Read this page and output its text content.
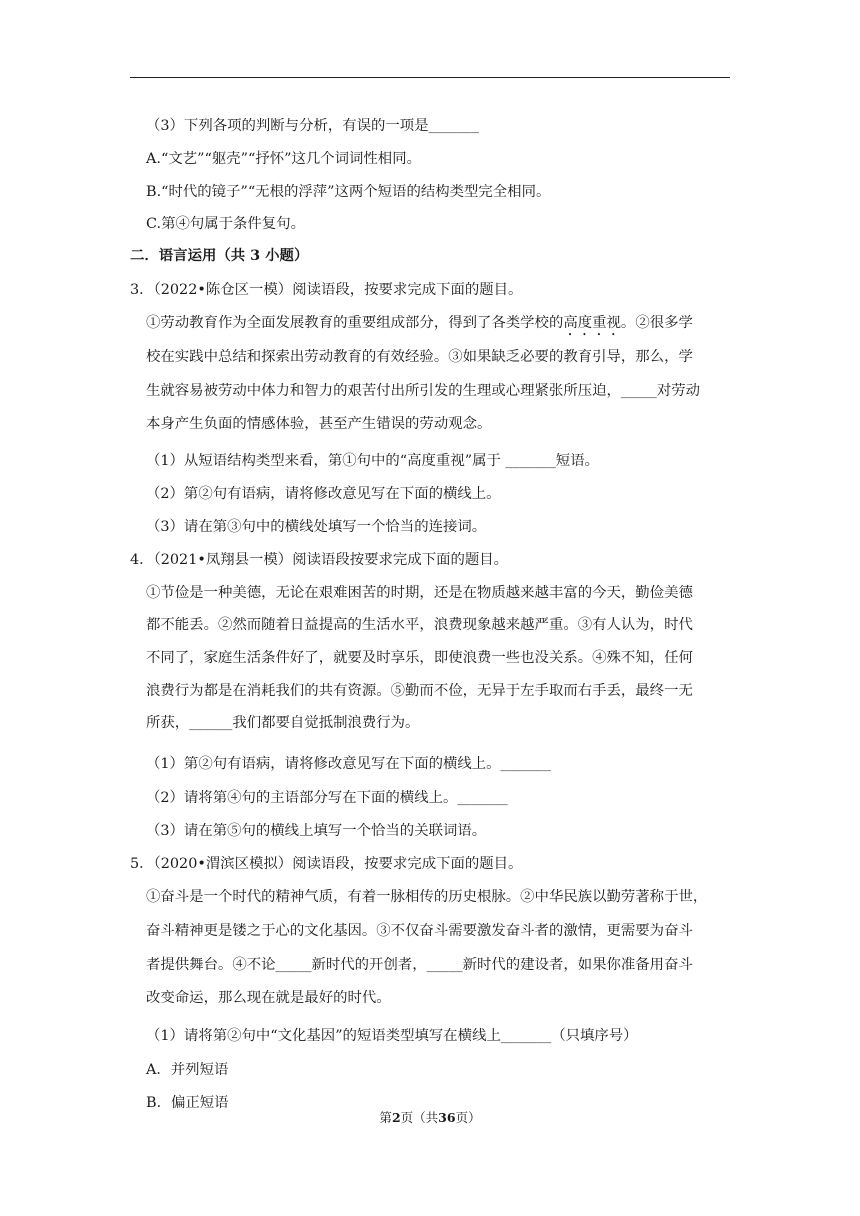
（3）下列各项的判断与分析，有误的一项是_______
A.“文艺”“躯壳”“抒怀”这几个词词性相同。
B.“时代的镜子”“无根的浮萍”这两个短语的结构类型完全相同。
C.第④句属于条件复句。
二．语言运用（共 3 小题）
3．（2022•陈仓区一模）阅读语段，按要求完成下面的题目。
①劳动教育作为全面发展教育的重要组成部分，得到了各类学校的高度重视。②很多学
校在实践中总结和探索出劳动教育的有效经验。③如果缺乏必要的教育引导，那么，学
生就容易被劳动中体力和智力的艰苦付出所引发的生理或心理紧张所压迫，_____对劳动
本身产生负面的情感体验，甚至产生错误的劳动观念。
（1）从短语结构类型来看，第①句中的“高度重视”属于 _______短语。
（2）第②句有语病，请将修改意见写在下面的横线上。
（3）请在第③句中的横线处填写一个恰当的连接词。
4．（2021•凤翔县一模）阅读语段按要求完成下面的题目。
①节俭是一种美德，无论在艰难困苦的时期，还是在物质越来越丰富的今天，勤俭美德
都不能丢。②然而随着日益提高的生活水平，浪费现象越来越严重。③有人认为，时代
不同了，家庭生活条件好了，就要及时享乐，即使浪费一些也没关系。④殊不知，任何
浪费行为都是在消耗我们的共有资源。⑤勤而不俭，无异于左手取而右手丢，最终一无
所获，______我们都要自觉抵制浪费行为。
（1）第②句有语病，请将修改意见写在下面的横线上。_______
（2）请将第④句的主语部分写在下面的横线上。_______
（3）请在第⑤句的横线上填写一个恰当的关联词语。
5．（2020•渭滨区模拟）阅读语段，按要求完成下面的题目。
①奋斗是一个时代的精神气质，有着一脉相传的历史根脉。②中华民族以勤劳著称于世，
奋斗精神更是镂之于心的文化基因。③不仅奋斗需要激发奋斗者的激情，更需要为奋斗
者提供舞台。④不论_____新时代的开创者，_____新时代的建设者，如果你准备用奋斗
改变命运，那么现在就是最好的时代。
（1）请将第②句中“文化基因”的短语类型填写在横线上_______（只填序号）
A．并列短语
B．偏正短语
第2页（共36页）
